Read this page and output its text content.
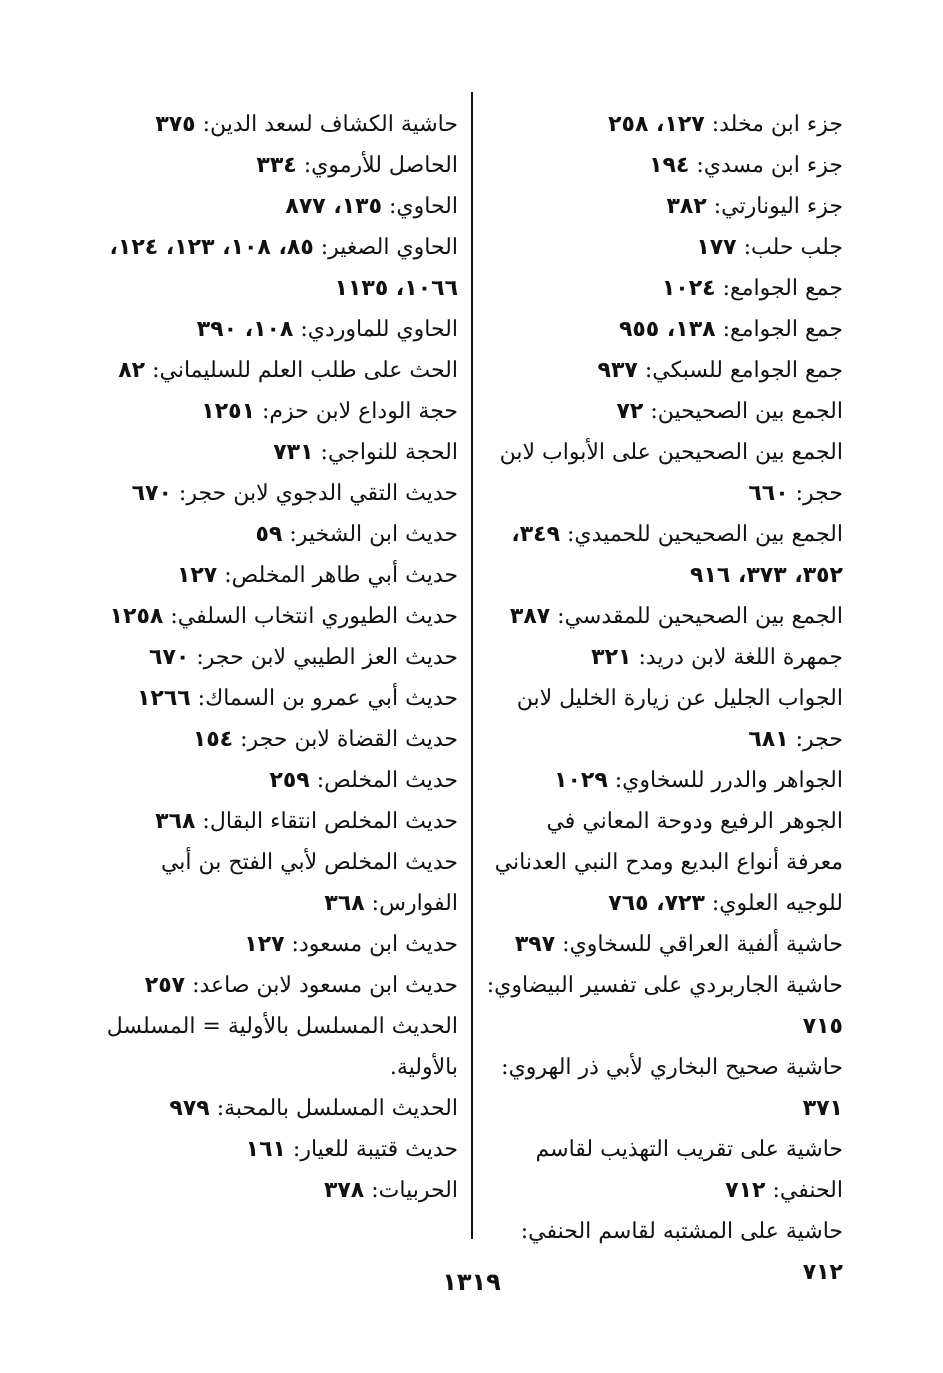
جزء ابن مخلد: ١٢٧، ٢٥٨

جزء ابن مسدي: ١٩٤

جزء اليونارتي: ٣٨٢

جلب حلب: ١٧٧

جمع الجوامع: ١٠٢٤

جمع الجوامع: ١٣٨، ٩٥٥

جمع الجوامع للسبكي: ٩٣٧

الجمع بين الصحيحين: ٧٢

الجمع بين الصحيحين على الأبواب لابن حجر: ٦٦٠

الجمع بين الصحيحين للحميدي: ٣٤٩، ٣٥٢، ٣٧٣، ٩١٦

الجمع بين الصحيحين للمقدسي: ٣٨٧

جمهرة اللغة لابن دريد: ٣٢١

الجواب الجليل عن زيارة الخليل لابن حجر: ٦٨١

الجواهر والدرر للسخاوي: ١٠٢٩

الجوهر الرفيع ودوحة المعاني في معرفة أنواع البديع ومدح النبي العدناني للوجيه العلوي: ٧٢٣، ٧٦٥

حاشية ألفية العراقي للسخاوي: ٣٩٧

حاشية الجاربردي على تفسير البيضاوي: ٧١٥

حاشية صحيح البخاري لأبي ذر الهروي: ٣٧١

حاشية على تقريب التهذيب لقاسم الحنفي: ٧١٢

حاشية على المشتبه لقاسم الحنفي: ٧١٢

حاشية الكشاف لسعد الدين: ٣٧٥

الحاصل للأرموي: ٣٣٤

الحاوي: ١٣٥، ٨٧٧

الحاوي الصغير: ٨٥، ١٠٨، ١٢٣، ١٢٤، ١٠٦٦، ١١٣٥

الحاوي للماوردي: ١٠٨، ٣٩٠

الحث على طلب العلم للسليماني: ٨٢

حجة الوداع لابن حزم: ١٢٥١

الحجة للنواجي: ٧٣١

حديث التقي الدجوي لابن حجر: ٦٧٠

حديث ابن الشخير: ٥٩

حديث أبي طاهر المخلص: ١٢٧

حديث الطيوري انتخاب السلفي: ١٢٥٨

حديث العز الطيبي لابن حجر: ٦٧٠

حديث أبي عمرو بن السماك: ١٢٦٦

حديث القضاة لابن حجر: ١٥٤

حديث المخلص: ٢٥٩

حديث المخلص انتقاء البقال: ٣٦٨

حديث المخلص لأبي الفتح بن أبي الفوارس: ٣٦٨

حديث ابن مسعود: ١٢٧

حديث ابن مسعود لابن صاعد: ٢٥٧

الحديث المسلسل بالأولية = المسلسل بالأولية.

الحديث المسلسل بالمحبة: ٩٧٩

حديث قتيبة للعيار: ١٦١

الحربيات: ٣٧٨

١٣١٩
